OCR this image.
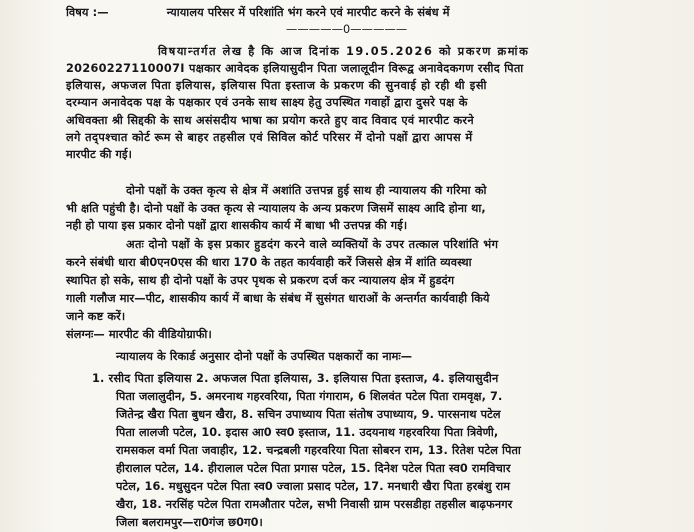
विषय :—	न्यायालय परिसर में परिशांति भंग करने एवं मारपीट करने के संबंध में
—————0—————
विषयान्तर्गत लेख है कि आज दिनांक 19.05.2026 को प्रकरण क्रमांक
20260227110007I पक्षकार आवेदक इलियासुदीन पिता जलालूदीन विरूद्व अनावेदकगण रसीद पिता
इलियास, अफजल पिता इलियास, इलियास पिता इस्ताज के प्रकरण की सुनवाई हो रही थी इसी
दरम्यान अनावेदक पक्ष के पक्षकार एवं उनके साथ साक्ष्य हेतु उपस्थित गवाहों द्वारा दुसरे पक्ष के
अधिवक्ता श्री सिद्दकी के साथ असंसदीय भाषा का प्रयोग करते हुए वाद विवाद एवं मारपीट करने
लगे तद्पश्चात कोर्ट रूम से बाहर तहसील एवं सिविल कोर्ट परिसर में दोनो पक्षों द्वारा आपस में
मारपीट की गई।
दोनो पक्षों के उक्त कृत्य से क्षेत्र में अशांति उत्तपन्न हुई साथ ही न्यायालय की गरिमा को
भी क्षति पहुंची है। दोनो पक्षों के उक्त कृत्य से न्यायालय के अन्य प्रकरण जिसमें साक्ष्य आदि होना था,
नही हो पाया इस प्रकार दोनो पक्षों द्वारा शासकीय कार्य में बाधा भी उत्तपन्न की गई।
अतः दोनो पक्षों के इस प्रकार हुडदंग करने वाले व्यक्तियों के उपर तत्काल परिशांति भंग
करने संबंधी धारा बी0एन0एस की धारा 170 के तहत कार्यवाही करें जिससे क्षेत्र में शांति व्यवस्था
स्थापित हो सके, साथ ही दोनो पक्षों के उपर पृथक से प्रकरण दर्ज कर न्यायालय क्षेत्र में हुडदंग
गाली गलौज मार—पीट, शासकीय कार्य में बाधा के संबंध में सुसंगत धाराओं के अन्तर्गत कार्यवाही किये
जाने कष्ट करें।
संलग्नः— मारपीट की वीडियोग्राफी।
न्यायालय के रिकार्ड अनुसार दोनो पक्षों के उपस्थित पक्षकारों का नामः—
1. रसीद पिता इलियास 2. अफजल पिता इलियास, 3. इलियास पिता इस्ताज, 4. इलियासुदीन
पिता जलालुदीन, 5. अमरनाथ गहरवरिया, पिता गंगाराम, 6 शिलवंत पटेल पिता रामवृक्ष, 7.
जितेन्द्र खैरा पिता बुधन खैरा, 8. सचिन उपाध्याय पिता संतोष उपाध्याय, 9. पारसनाथ पटेल
पिता लालजी पटेल, 10. इदास आ0 स्व0 इस्ताज, 11. उदयनाथ गहरवरिया पिता त्रिवेणी,
रामसकल वर्मा पिता जवाहीर, 12. चन्द्रबली गहरवरिया पिता सोबरन राम, 13. रितेश पटेल पिता
हीरालाल पटेल, 14. हीरालाल पटेल पिता प्रगास पटेल, 15. दिनेश पटेल पिता स्व0 रामविचार
पटेल, 16. मधुसुदन पटेल पिता स्व0 ज्वाला प्रसाद पटेल, 17. मनधारी खैरा पिता हरबंशु राम
खैरा, 18. नरसिंह पटेल पिता रामऔतार पटेल, सभी निवासी ग्राम परसडीहा तहसील बाढ़फनगर
जिला बलरामपुर—रा0गंज छ0ग0।
